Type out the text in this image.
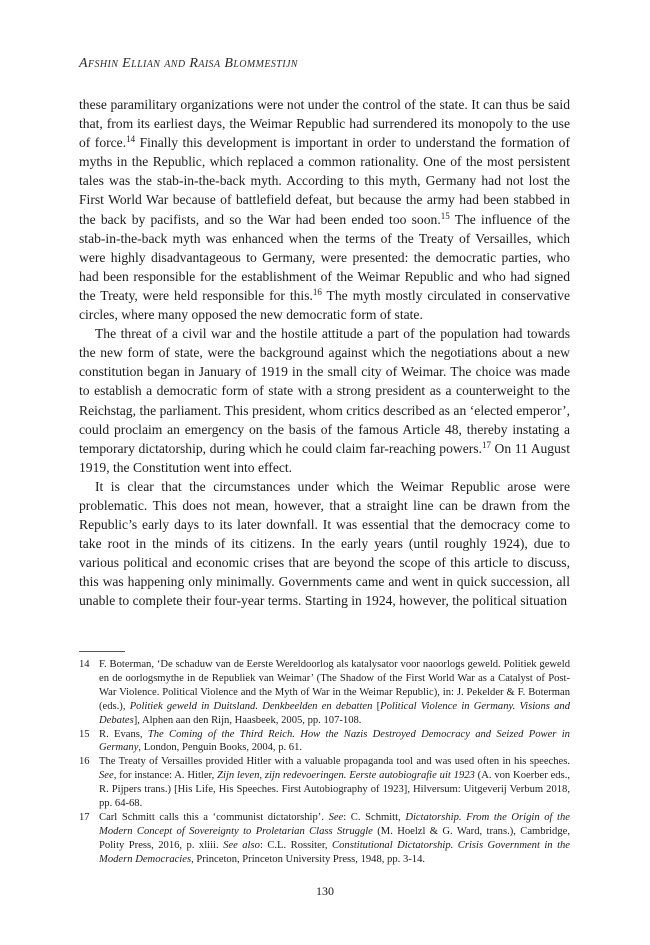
Afshin Ellian and Raisa Blommestijn

these paramilitary organizations were not under the control of the state. It can thus be said that, from its earliest days, the Weimar Republic had surrendered its monopoly to the use of force.$^{14}$ Finally this development is important in order to understand the formation of myths in the Republic, which replaced a common rationality. One of the most persistent tales was the stab-in-the-back myth. According to this myth, Germany had not lost the First World War because of battlefield defeat, but because the army had been stabbed in the back by pacifists, and so the War had been ended too soon.$^{15}$ The influence of the stab-in-the-back myth was enhanced when the terms of the Treaty of Versailles, which were highly disadvantageous to Germany, were presented: the democratic parties, who had been responsible for the establishment of the Weimar Republic and who had signed the Treaty, were held responsible for this.$^{16}$ The myth mostly circulated in conservative circles, where many opposed the new democratic form of state.

The threat of a civil war and the hostile attitude a part of the population had towards the new form of state, were the background against which the negotiations about a new constitution began in January of 1919 in the small city of Weimar. The choice was made to establish a democratic form of state with a strong president as a counterweight to the Reichstag, the parliament. This president, whom critics described as an ‘elected emperor’, could proclaim an emergency on the basis of the famous Article 48, thereby instating a temporary dictatorship, during which he could claim far-reaching powers.$^{17}$ On 11 August 1919, the Constitution went into effect.

It is clear that the circumstances under which the Weimar Republic arose were problematic. This does not mean, however, that a straight line can be drawn from the Republic’s early days to its later downfall. It was essential that the democracy come to take root in the minds of its citizens. In the early years (until roughly 1924), due to various political and economic crises that are beyond the scope of this article to discuss, this was happening only minimally. Governments came and went in quick succession, all unable to complete their four-year terms. Starting in 1924, however, the political situation

14 F. Boterman, ‘De schaduw van de Eerste Wereldoorlog als katalysator voor naoorlogs geweld. Politiek geweld en de oorlogsmythe in de Republiek van Weimar’ (The Shadow of the First World War as a Catalyst of Post-War Violence. Political Violence and the Myth of War in the Weimar Republic), in: J. Pekelder & F. Boterman (eds.), Politiek geweld in Duitsland. Denkbeelden en debatten [Political Violence in Germany. Visions and Debates], Alphen aan den Rijn, Haasbeek, 2005, pp. 107-108.
15 R. Evans, The Coming of the Third Reich. How the Nazis Destroyed Democracy and Seized Power in Germany, London, Penguin Books, 2004, p. 61.
16 The Treaty of Versailles provided Hitler with a valuable propaganda tool and was used often in his speeches. See, for instance: A. Hitler, Zijn leven, zijn redevoeringen. Eerste autobiografie uit 1923 (A. von Koerber eds., R. Pijpers trans.) [His Life, His Speeches. First Autobiography of 1923], Hilversum: Uitgeverij Verbum 2018, pp. 64-68.
17 Carl Schmitt calls this a ‘communist dictatorship’. See: C. Schmitt, Dictatorship. From the Origin of the Modern Concept of Sovereignty to Proletarian Class Struggle (M. Hoelzl & G. Ward, trans.), Cambridge, Polity Press, 2016, p. xliii. See also: C.L. Rossiter, Constitutional Dictatorship. Crisis Government in the Modern Democracies, Princeton, Princeton University Press, 1948, pp. 3-14.
130
